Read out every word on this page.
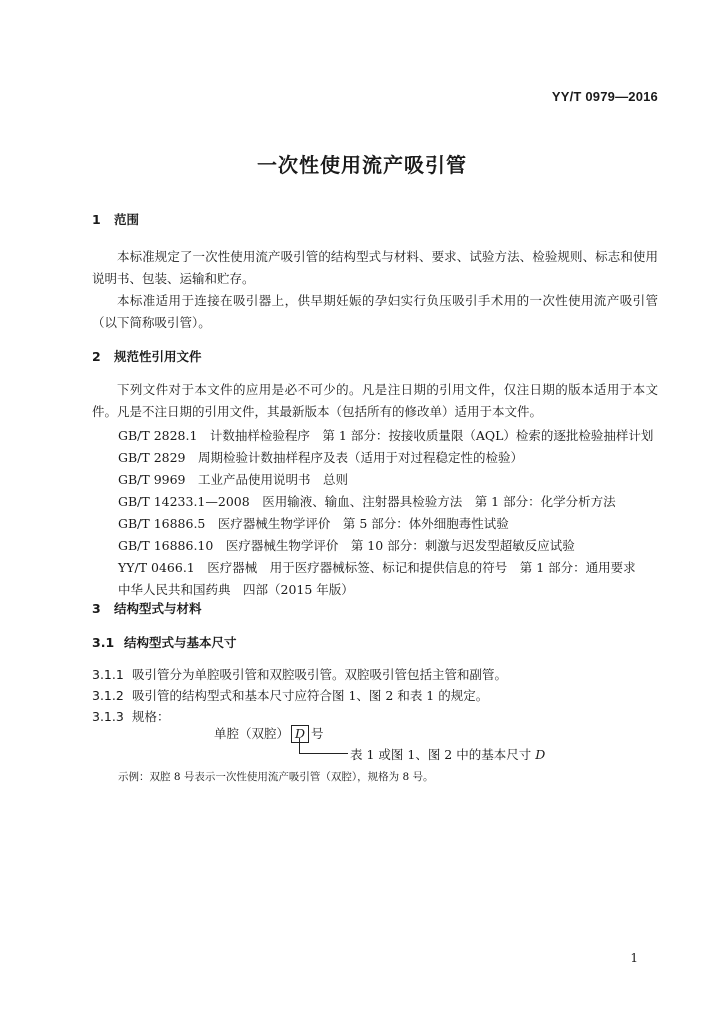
YY/T 0979—2016
一次性使用流产吸引管
1 范围
本标准规定了一次性使用流产吸引管的结构型式与材料、要求、试验方法、检验规则、标志和使用说明书、包装、运输和贮存。
本标准适用于连接在吸引器上，供早期妊娠的孕妇实行负压吸引手术用的一次性使用流产吸引管（以下简称吸引管）。
2 规范性引用文件
下列文件对于本文件的应用是必不可少的。凡是注日期的引用文件，仅注日期的版本适用于本文件。凡是不注日期的引用文件，其最新版本（包括所有的修改单）适用于本文件。
GB/T 2828.1　计数抽样检验程序　第 1 部分：按接收质量限（AQL）检索的逐批检验抽样计划
GB/T 2829　周期检验计数抽样程序及表（适用于对过程稳定性的检验）
GB/T 9969　工业产品使用说明书　总则
GB/T 14233.1—2008　医用输液、输血、注射器具检验方法　第 1 部分：化学分析方法
GB/T 16886.5　医疗器械生物学评价　第 5 部分：体外细胞毒性试验
GB/T 16886.10　医疗器械生物学评价　第 10 部分：刺激与迟发型超敏反应试验
YY/T 0466.1　医疗器械　用于医疗器械标签、标记和提供信息的符号　第 1 部分：通用要求
中华人民共和国药典　四部（2015 年版）
3 结构型式与材料
3.1 结构型式与基本尺寸
3.1.1 吸引管分为单腔吸引管和双腔吸引管。双腔吸引管包括主管和副管。
3.1.2 吸引管的结构型式和基本尺寸应符合图 1、图 2 和表 1 的规定。
3.1.3 规格：
单腔（双腔） D 号
表 1 或图 1、图 2 中的基本尺寸 D
示例：双腔 8 号表示一次性使用流产吸引管（双腔），规格为 8 号。
1
